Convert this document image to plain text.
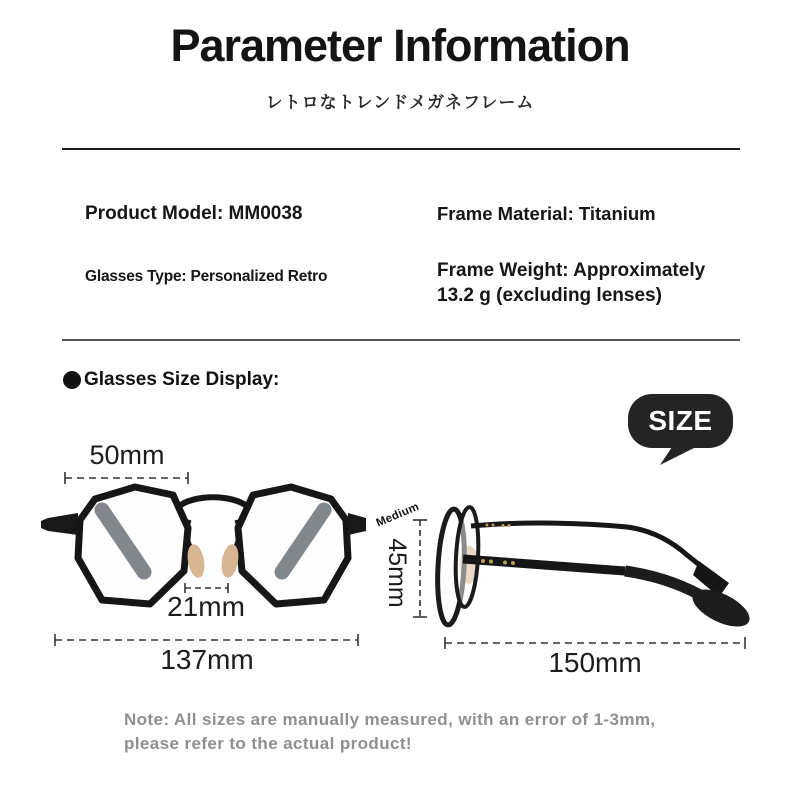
Parameter Information
レトロなトレンドメガネフレーム
Product Model: MM0038
Glasses Type: Personalized Retro
Frame Material: Titanium
Frame Weight: Approximately 13.2 g (excluding lenses)
Glasses Size Display:
SIZE
50mm
21mm
137mm
Medium
45mm
150mm
Note: All sizes are manually measured, with an error of 1-3mm, please refer to the actual product!
